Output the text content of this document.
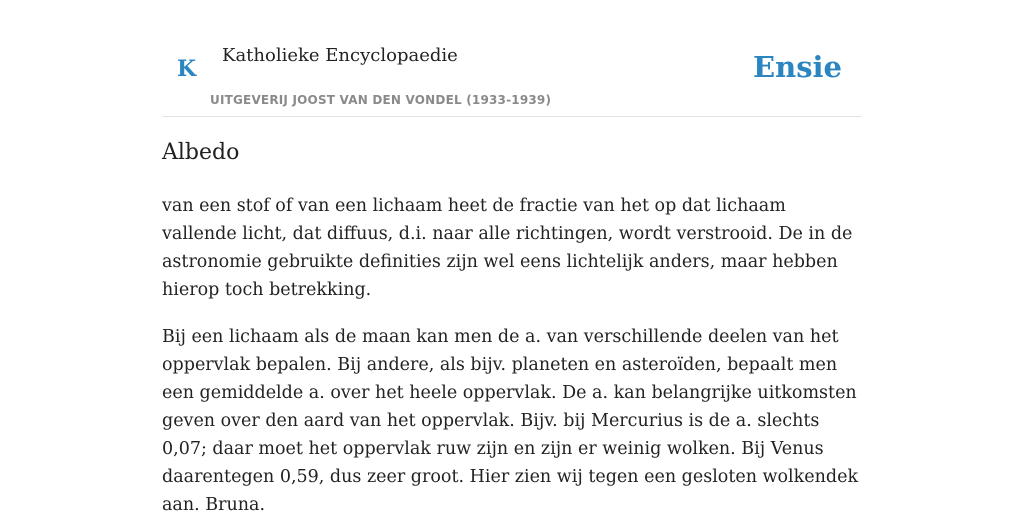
K
Katholieke Encyclopaedie
UITGEVERIJ JOOST VAN DEN VONDEL (1933-1939)
Ensie
Albedo

van een stof of van een lichaam heet de fractie van het op dat lichaam vallende licht, dat diffuus, d.i. naar alle richtingen, wordt verstrooid. De in de astronomie gebruikte definities zijn wel eens lichtelijk anders, maar hebben hierop toch betrekking.

Bij een lichaam als de maan kan men de a. van verschillende deelen van het oppervlak bepalen. Bij andere, als bijv. planeten en asteroïden, bepaalt men een gemiddelde a. over het heele oppervlak. De a. kan belangrijke uitkomsten geven over den aard van het oppervlak. Bijv. bij Mercurius is de a. slechts 0,07; daar moet het oppervlak ruw zijn en zijn er weinig wolken. Bij Venus daarentegen 0,59, dus zeer groot. Hier zien wij tegen een gesloten wolkendek aan. Bruna.
